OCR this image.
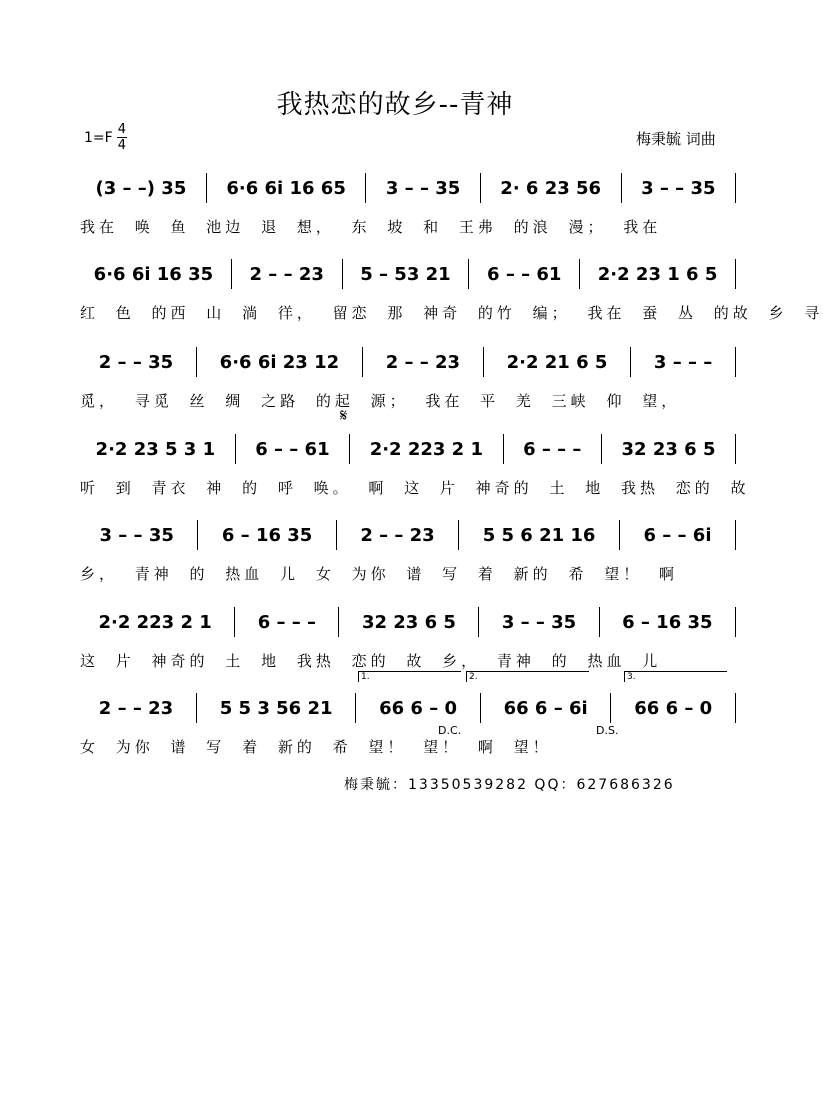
我热恋的故乡--青神
1=F 4
4	梅秉毓 词曲
(3 – –) 35	6·6 6i 16 65	3 – – 35	2· 6 23 56	3 – – 35
我在 唤 鱼 池边 退 想， 东 坡 和 王弗 的浪 漫； 我在
6·6 6i 16 35	2 – – 23	5 – 53 21	6 – – 61	2·2 23 1 6 5
红 色 的西 山 淌 徉， 留恋 那 神奇 的竹 编； 我在 蚕 丛 的故 乡 寻
2 – – 35	6·6 6i 23 12	2 – – 23	2·2 21 6 5	3 – – –
觅， 寻觅 丝 绸 之路 的起 源； 我在 平 羌 三峡 仰 望，
2·2 23 5 3 1	6 – – 61	2·2 223 2 1	6 – – –	32 23 6 5
听 到 青衣 神 的 呼 唤。 啊 这 片 神奇的 土 地 我热 恋的 故
3 – – 35	6 – 16 35	2 – – 23	5 5 6 21 16	6 – – 6i
乡， 青神 的 热血 儿 女 为你 谱 写 着 新的 希 望！ 啊
2·2 223 2 1	6 – – –	32 23 6 5	3 – – 35	6 – 16 35
这 片 神奇的 土 地 我热 恋的 故 乡， 青神 的 热血 儿
2 – – 23	5 5 3 56 21	66 6 – 0	66 6 – 6i	66 6 – 0
女 为你 谱 写 着 新的 希 望！ 望！ 啊 望！
𝄋
1.	2.	3.
D.C.	D.S.
梅秉毓：13350539282 QQ：627686326
